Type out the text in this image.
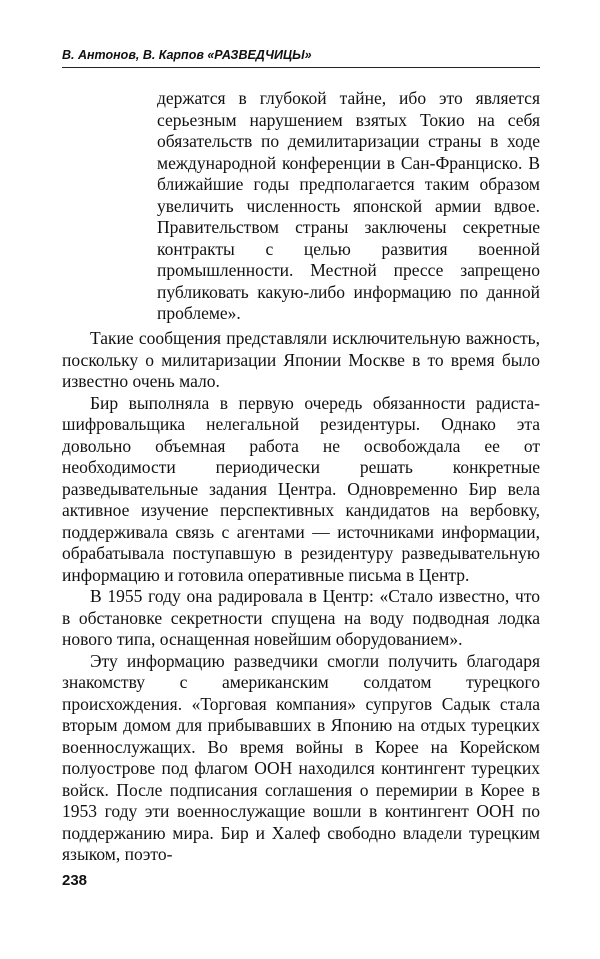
В. Антонов, В. Карпов «РАЗВЕДЧИЦЫ»

держатся в глубокой тайне, ибо это является серьезным нарушением взятых Токио на себя обязательств по демилитаризации страны в ходе международной конференции в Сан-Франциско. В ближайшие годы предполагается таким образом увеличить численность японской армии вдвое. Правительством страны заключены секретные контракты с целью развития военной промышленности. Местной прессе запрещено публиковать какую-либо информацию по данной проблеме».

Такие сообщения представляли исключительную важность, поскольку о милитаризации Японии Москве в то время было известно очень мало.

Бир выполняла в первую очередь обязанности радиста-шифровальщика нелегальной резидентуры. Однако эта довольно объемная работа не освобождала ее от необходимости периодически решать конкретные разведывательные задания Центра. Одновременно Бир вела активное изучение перспективных кандидатов на вербовку, поддерживала связь с агентами — источниками информации, обрабатывала поступавшую в резидентуру разведывательную информацию и готовила оперативные письма в Центр.

В 1955 году она радировала в Центр: «Стало известно, что в обстановке секретности спущена на воду подводная лодка нового типа, оснащенная новейшим оборудованием».

Эту информацию разведчики смогли получить благодаря знакомству с американским солдатом турецкого происхождения. «Торговая компания» супругов Садык стала вторым домом для прибывавших в Японию на отдых турецких военнослужащих. Во время войны в Корее на Корейском полуострове под флагом ООН находился контингент турецких войск. После подписания соглашения о перемирии в Корее в 1953 году эти военнослужащие вошли в контингент ООН по поддержанию мира. Бир и Халеф свободно владели турецким языком, поэто-

238
